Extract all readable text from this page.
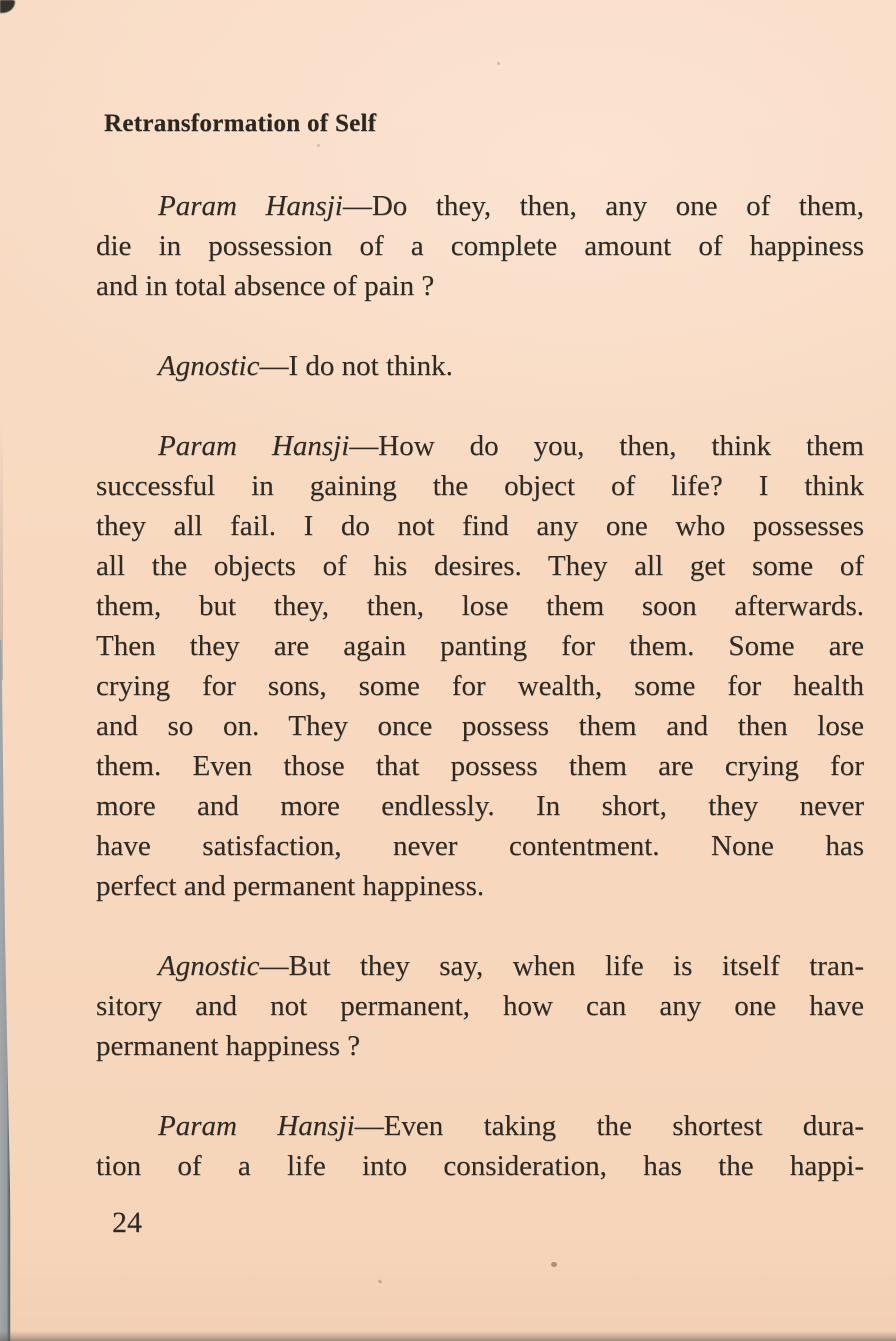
Retransformation of Self
Param Hansji—Do they, then, any one of them,
die in possession of a complete amount of happiness
and in total absence of pain ?
Agnostic—I do not think.
Param Hansji—How do you, then, think them
successful in gaining the object of life? I think
they all fail. I do not find any one who possesses
all the objects of his desires. They all get some of
them, but they, then, lose them soon afterwards.
Then they are again panting for them. Some are
crying for sons, some for wealth, some for health
and so on. They once possess them and then lose
them. Even those that possess them are crying for
more and more endlessly. In short, they never
have satisfaction, never contentment. None has
perfect and permanent happiness.
Agnostic—But they say, when life is itself tran-
sitory and not permanent, how can any one have
permanent happiness ?
Param Hansji—Even taking the shortest dura-
tion of a life into consideration, has the happi-
24
